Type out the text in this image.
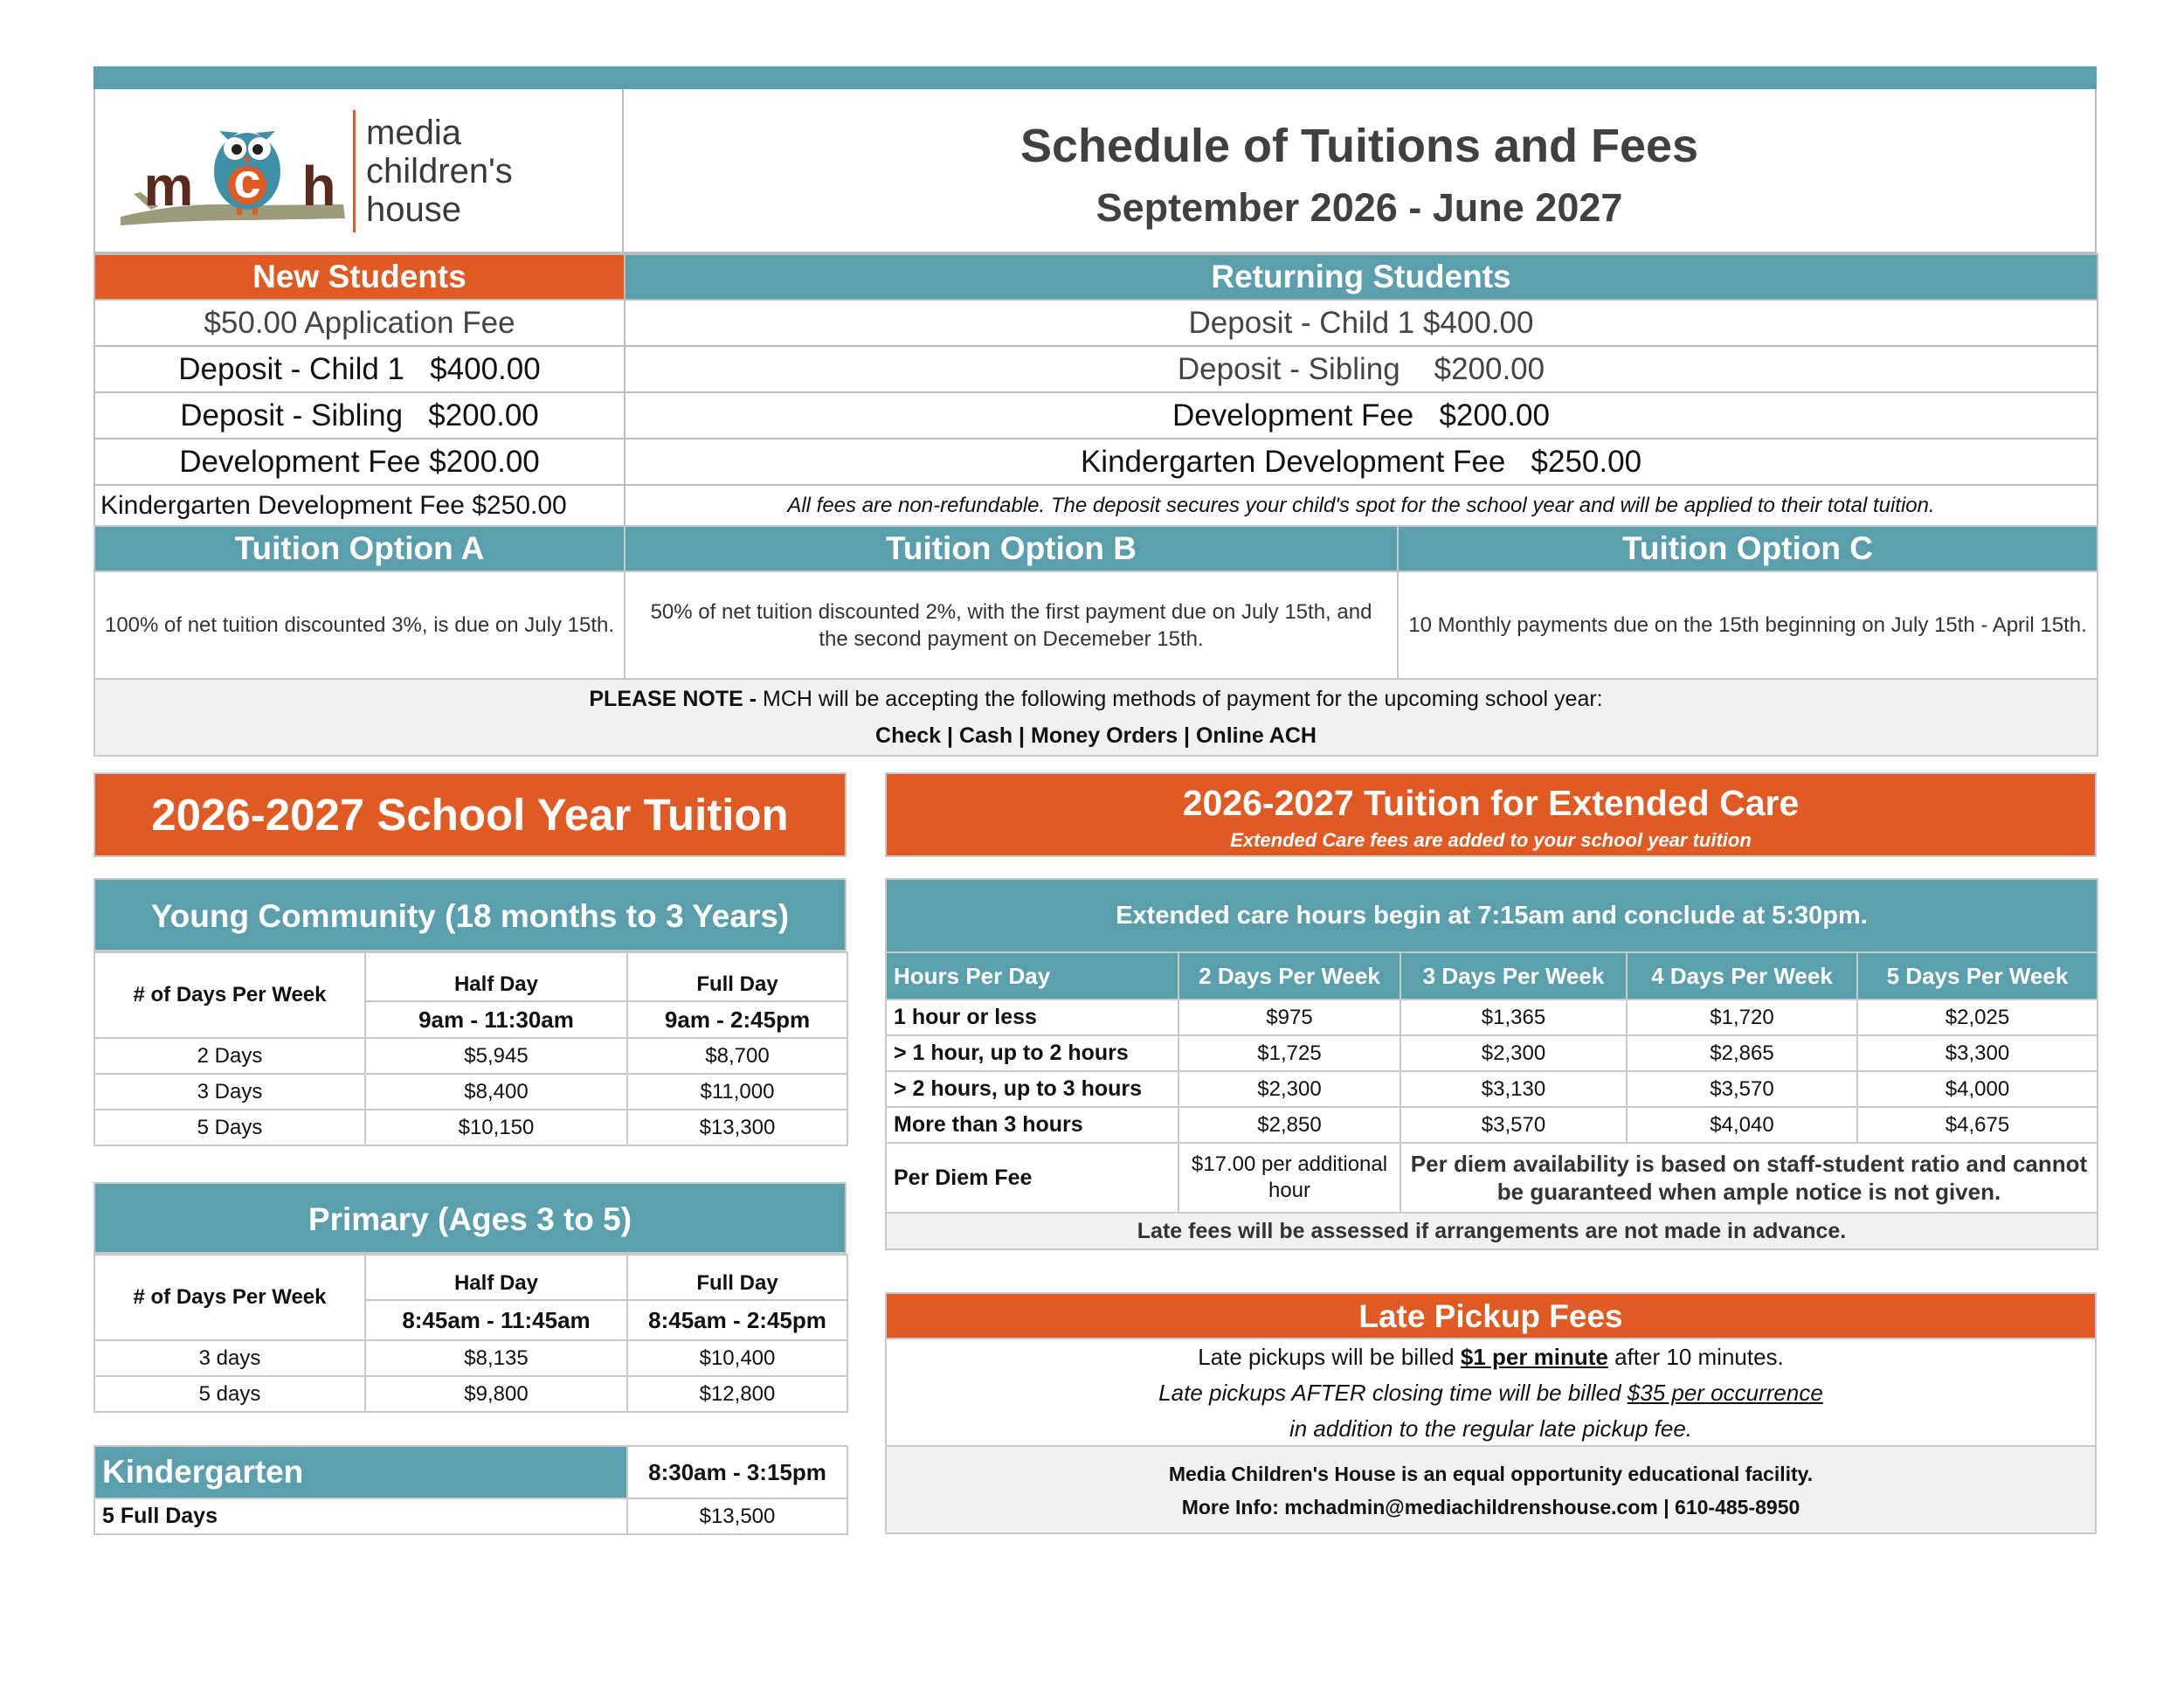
c
m h
media
children's
house
Schedule of Tuitions and Fees
September 2026 - June 2027
New Students	Returning Students
$50.00 Application Fee	Deposit - Child 1 $400.00
Deposit - Child 1   $400.00	Deposit - Sibling    $200.00
Deposit - Sibling   $200.00	Development Fee   $200.00
Development Fee $200.00	Kindergarten Development Fee   $250.00
Kindergarten Development Fee $250.00	All fees are non-refundable. The deposit secures your child's spot for the school year and will be applied to their total tuition.
Tuition Option A	Tuition Option B	Tuition Option C
100% of net tuition discounted 3%, is due on July 15th.	50% of net tuition discounted 2%, with the first payment due on July 15th, and the second payment on Decemeber 15th.	10 Monthly payments due on the 15th beginning on July 15th - April 15th.
PLEASE NOTE - MCH will be accepting the following methods of payment for the upcoming school year:
Check | Cash | Money Orders | Online ACH		
2026-2027 School Year Tuition
Young Community (18 months to 3 Years)
# of Days Per Week	Half Day	Full Day
	9am - 11:30am	9am - 2:45pm
2 Days	$5,945	$8,700
3 Days	$8,400	$11,000
5 Days	$10,150	$13,300
Primary (Ages 3 to 5)
# of Days Per Week	Half Day	Full Day
	8:45am - 11:45am	8:45am - 2:45pm
3 days	$8,135	$10,400
5 days	$9,800	$12,800
Kindergarten	8:30am - 3:15pm
5 Full Days	$13,500
2026-2027 Tuition for Extended Care
Extended Care fees are added to your school year tuition
Extended care hours begin at 7:15am and conclude at 5:30pm.				
Hours Per Day	2 Days Per Week	3 Days Per Week	4 Days Per Week	5 Days Per Week
1 hour or less	$975	$1,365	$1,720	$2,025
> 1 hour, up to 2 hours	$1,725	$2,300	$2,865	$3,300
> 2 hours, up to 3 hours	$2,300	$3,130	$3,570	$4,000
More than 3 hours	$2,850	$3,570	$4,040	$4,675
Per Diem Fee	$17.00 per additional hour	Per diem availability is based on staff-student ratio and cannot be guaranteed when ample notice is not given.		
Late fees will be assessed if arrangements are not made in advance.				
Late Pickup Fees
Late pickups will be billed $1 per minute after 10 minutes.
Late pickups AFTER closing time will be billed $35 per occurrence
in addition to the regular late pickup fee.
Media Children's House is an equal opportunity educational facility.
More Info: mchadmin@mediachildrenshouse.com | 610-485-8950
